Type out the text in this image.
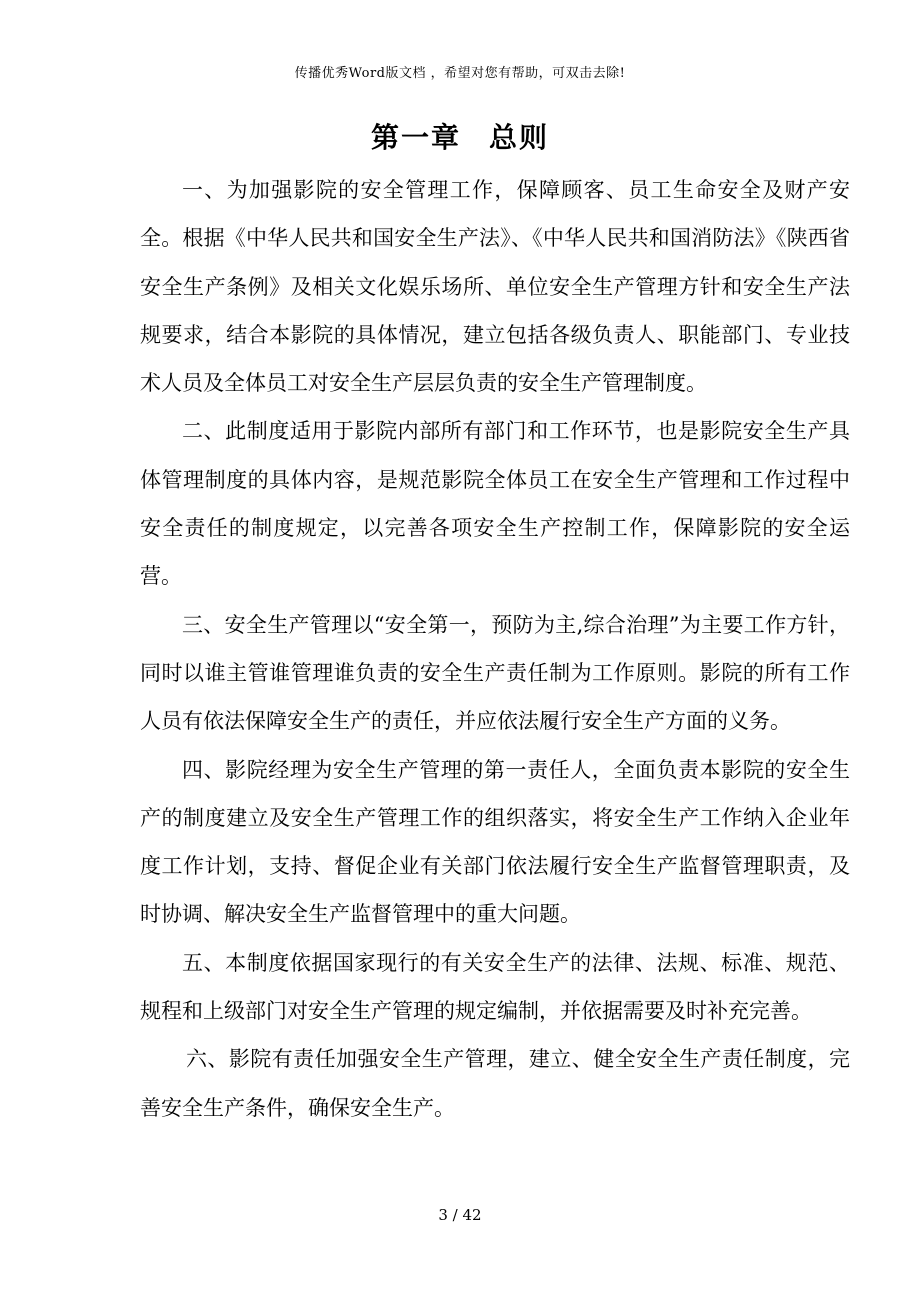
传播优秀Word版文档 ，希望对您有帮助，可双击去除!
第一章 总则

一、为加强影院的安全管理工作，保障顾客、员工生命安全及财产安全。根据《中华人民共和国安全生产法》、《中华人民共和国消防法》《陕西省安全生产条例》及相关文化娱乐场所、单位安全生产管理方针和安全生产法规要求，结合本影院的具体情况，建立包括各级负责人、职能部门、专业技术人员及全体员工对安全生产层层负责的安全生产管理制度。

二、此制度适用于影院内部所有部门和工作环节，也是影院安全生产具体管理制度的具体内容，是规范影院全体员工在安全生产管理和工作过程中安全责任的制度规定，以完善各项安全生产控制工作，保障影院的安全运营。

三、安全生产管理以“安全第一，预防为主,综合治理”为主要工作方针，同时以谁主管谁管理谁负责的安全生产责任制为工作原则。影院的所有工作人员有依法保障安全生产的责任，并应依法履行安全生产方面的义务。

四、影院经理为安全生产管理的第一责任人，全面负责本影院的安全生产的制度建立及安全生产管理工作的组织落实，将安全生产工作纳入企业年度工作计划，支持、督促企业有关部门依法履行安全生产监督管理职责，及时协调、解决安全生产监督管理中的重大问题。

五、本制度依据国家现行的有关安全生产的法律、法规、标准、规范、规程和上级部门对安全生产管理的规定编制，并依据需要及时补充完善。

六、影院有责任加强安全生产管理，建立、健全安全生产责任制度，完善安全生产条件，确保安全生产。

3 / 42
